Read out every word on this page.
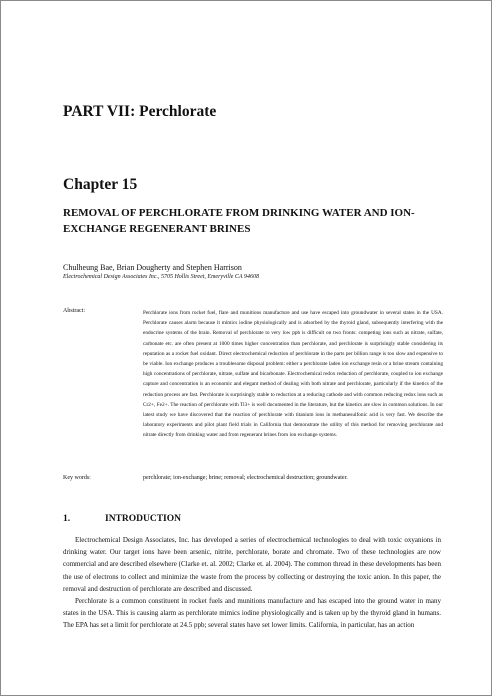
PART VII: Perchlorate
Chapter 15
REMOVAL OF PERCHLORATE FROM DRINKING WATER AND ION-EXCHANGE REGENERANT BRINES
Chulheung Bae, Brian Dougherty and Stephen Harrison
Electrochemical Design Associates Inc., 5705 Hollis Street, Emeryville CA 94608
Abstract:	Perchlorate ions from rocket fuel, flare and munitions manufacture and use have escaped into groundwater in several states in the USA. Perchlorate causes alarm because it mimics iodine physiologically and is adsorbed by the thyroid gland, subsequently interfering with the endocrine systems of the brain. Removal of perchlorate to very low ppb is difficult on two fronts: competing ions such as nitrate, sulfate, carbonate etc. are often present at 1000 times higher concentration than perchlorate, and perchlorate is surprisingly stable considering its reputation as a rocket fuel oxidant. Direct electrochemical reduction of perchlorate in the parts per billion range is too slow and expensive to be viable. Ion exchange produces a troublesome disposal problem: either a perchlorate laden ion exchange resin or a brine stream containing high concentrations of perchlorate, nitrate, sulfate and bicarbonate. Electrochemical redox reduction of perchlorate, coupled to ion exchange capture and concentration is an economic and elegant method of dealing with both nitrate and perchlorate, particularly if the kinetics of the reduction process are fast. Perchlorate is surprisingly stable to reduction at a reducing cathode and with common reducing redox ions such as Cr2+, Fe2+. The reaction of perchlorate with Ti3+ is well documented in the literature, but the kinetics are slow in common solutions. In our latest study we have discovered that the reaction of perchlorate with titanium ions in methanesulfonic acid is very fast. We describe the laboratory experiments and pilot plant field trials in California that demonstrate the utility of this method for removing perchlorate and nitrate directly from drinking water and from regenerant brines from ion exchange systems.

Key words:	perchlorate; ion-exchange; brine; removal; electrochemical destruction; groundwater.
1.	INTRODUCTION

Electrochemical Design Associates, Inc. has developed a series of electrochemical technologies to deal with toxic oxyanions in drinking water. Our target ions have been arsenic, nitrite, perchlorate, borate and chromate. Two of these technologies are now commercial and are described elsewhere (Clarke et. al. 2002; Clarke et. al. 2004). The common thread in these developments has been the use of electrons to collect and minimize the waste from the process by collecting or destroying the toxic anion. In this paper, the removal and destruction of perchlorate are described and discussed.

Perchlorate is a common constituent in rocket fuels and munitions manufacture and has escaped into the ground water in many states in the USA. This is causing alarm as perchlorate mimics iodine physiologically and is taken up by the thyroid gland in humans. The EPA has set a limit for perchlorate at 24.5 ppb; several states have set lower limits. California, in particular, has an action
